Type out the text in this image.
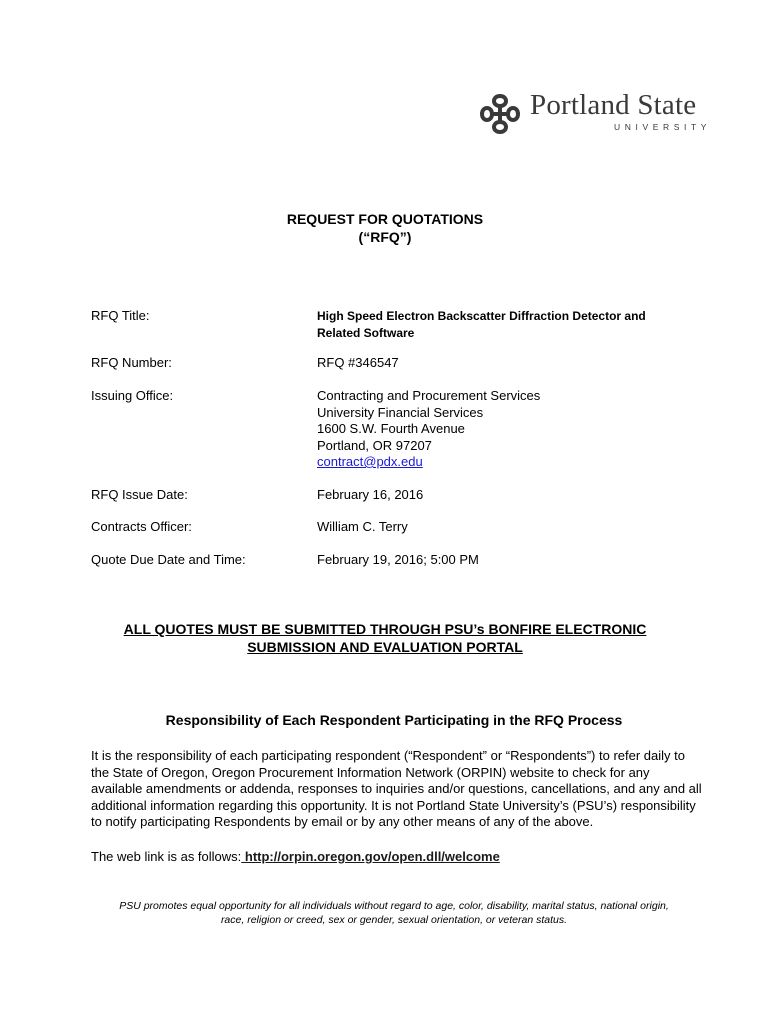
Portland State
UNIVERSITY
REQUEST FOR QUOTATIONS
(“RFQ”)
RFQ Title:	High Speed Electron Backscatter Diffraction Detector and
Related Software
RFQ Number:	RFQ #346547
Issuing Office:	Contracting and Procurement Services
University Financial Services
1600 S.W. Fourth Avenue
Portland, OR 97207
contract@pdx.edu
RFQ Issue Date:	February 16, 2016
Contracts Officer:	William C. Terry
Quote Due Date and Time:	February 19, 2016; 5:00 PM
ALL QUOTES MUST BE SUBMITTED THROUGH PSU’s BONFIRE ELECTRONIC
SUBMISSION AND EVALUATION PORTAL
Responsibility of Each Respondent Participating in the RFQ Process
It is the responsibility of each participating respondent (“Respondent” or “Respondents”) to refer daily to the State of Oregon, Oregon Procurement Information Network (ORPIN) website to check for any available amendments or addenda, responses to inquiries and/or questions, cancellations, and any and all additional information regarding this opportunity. It is not Portland State University’s (PSU’s) responsibility to notify participating Respondents by email or by any other means of any of the above.
The web link is as follows: http://orpin.oregon.gov/open.dll/welcome
PSU promotes equal opportunity for all individuals without regard to age, color, disability, marital status, national origin,
race, religion or creed, sex or gender, sexual orientation, or veteran status.
